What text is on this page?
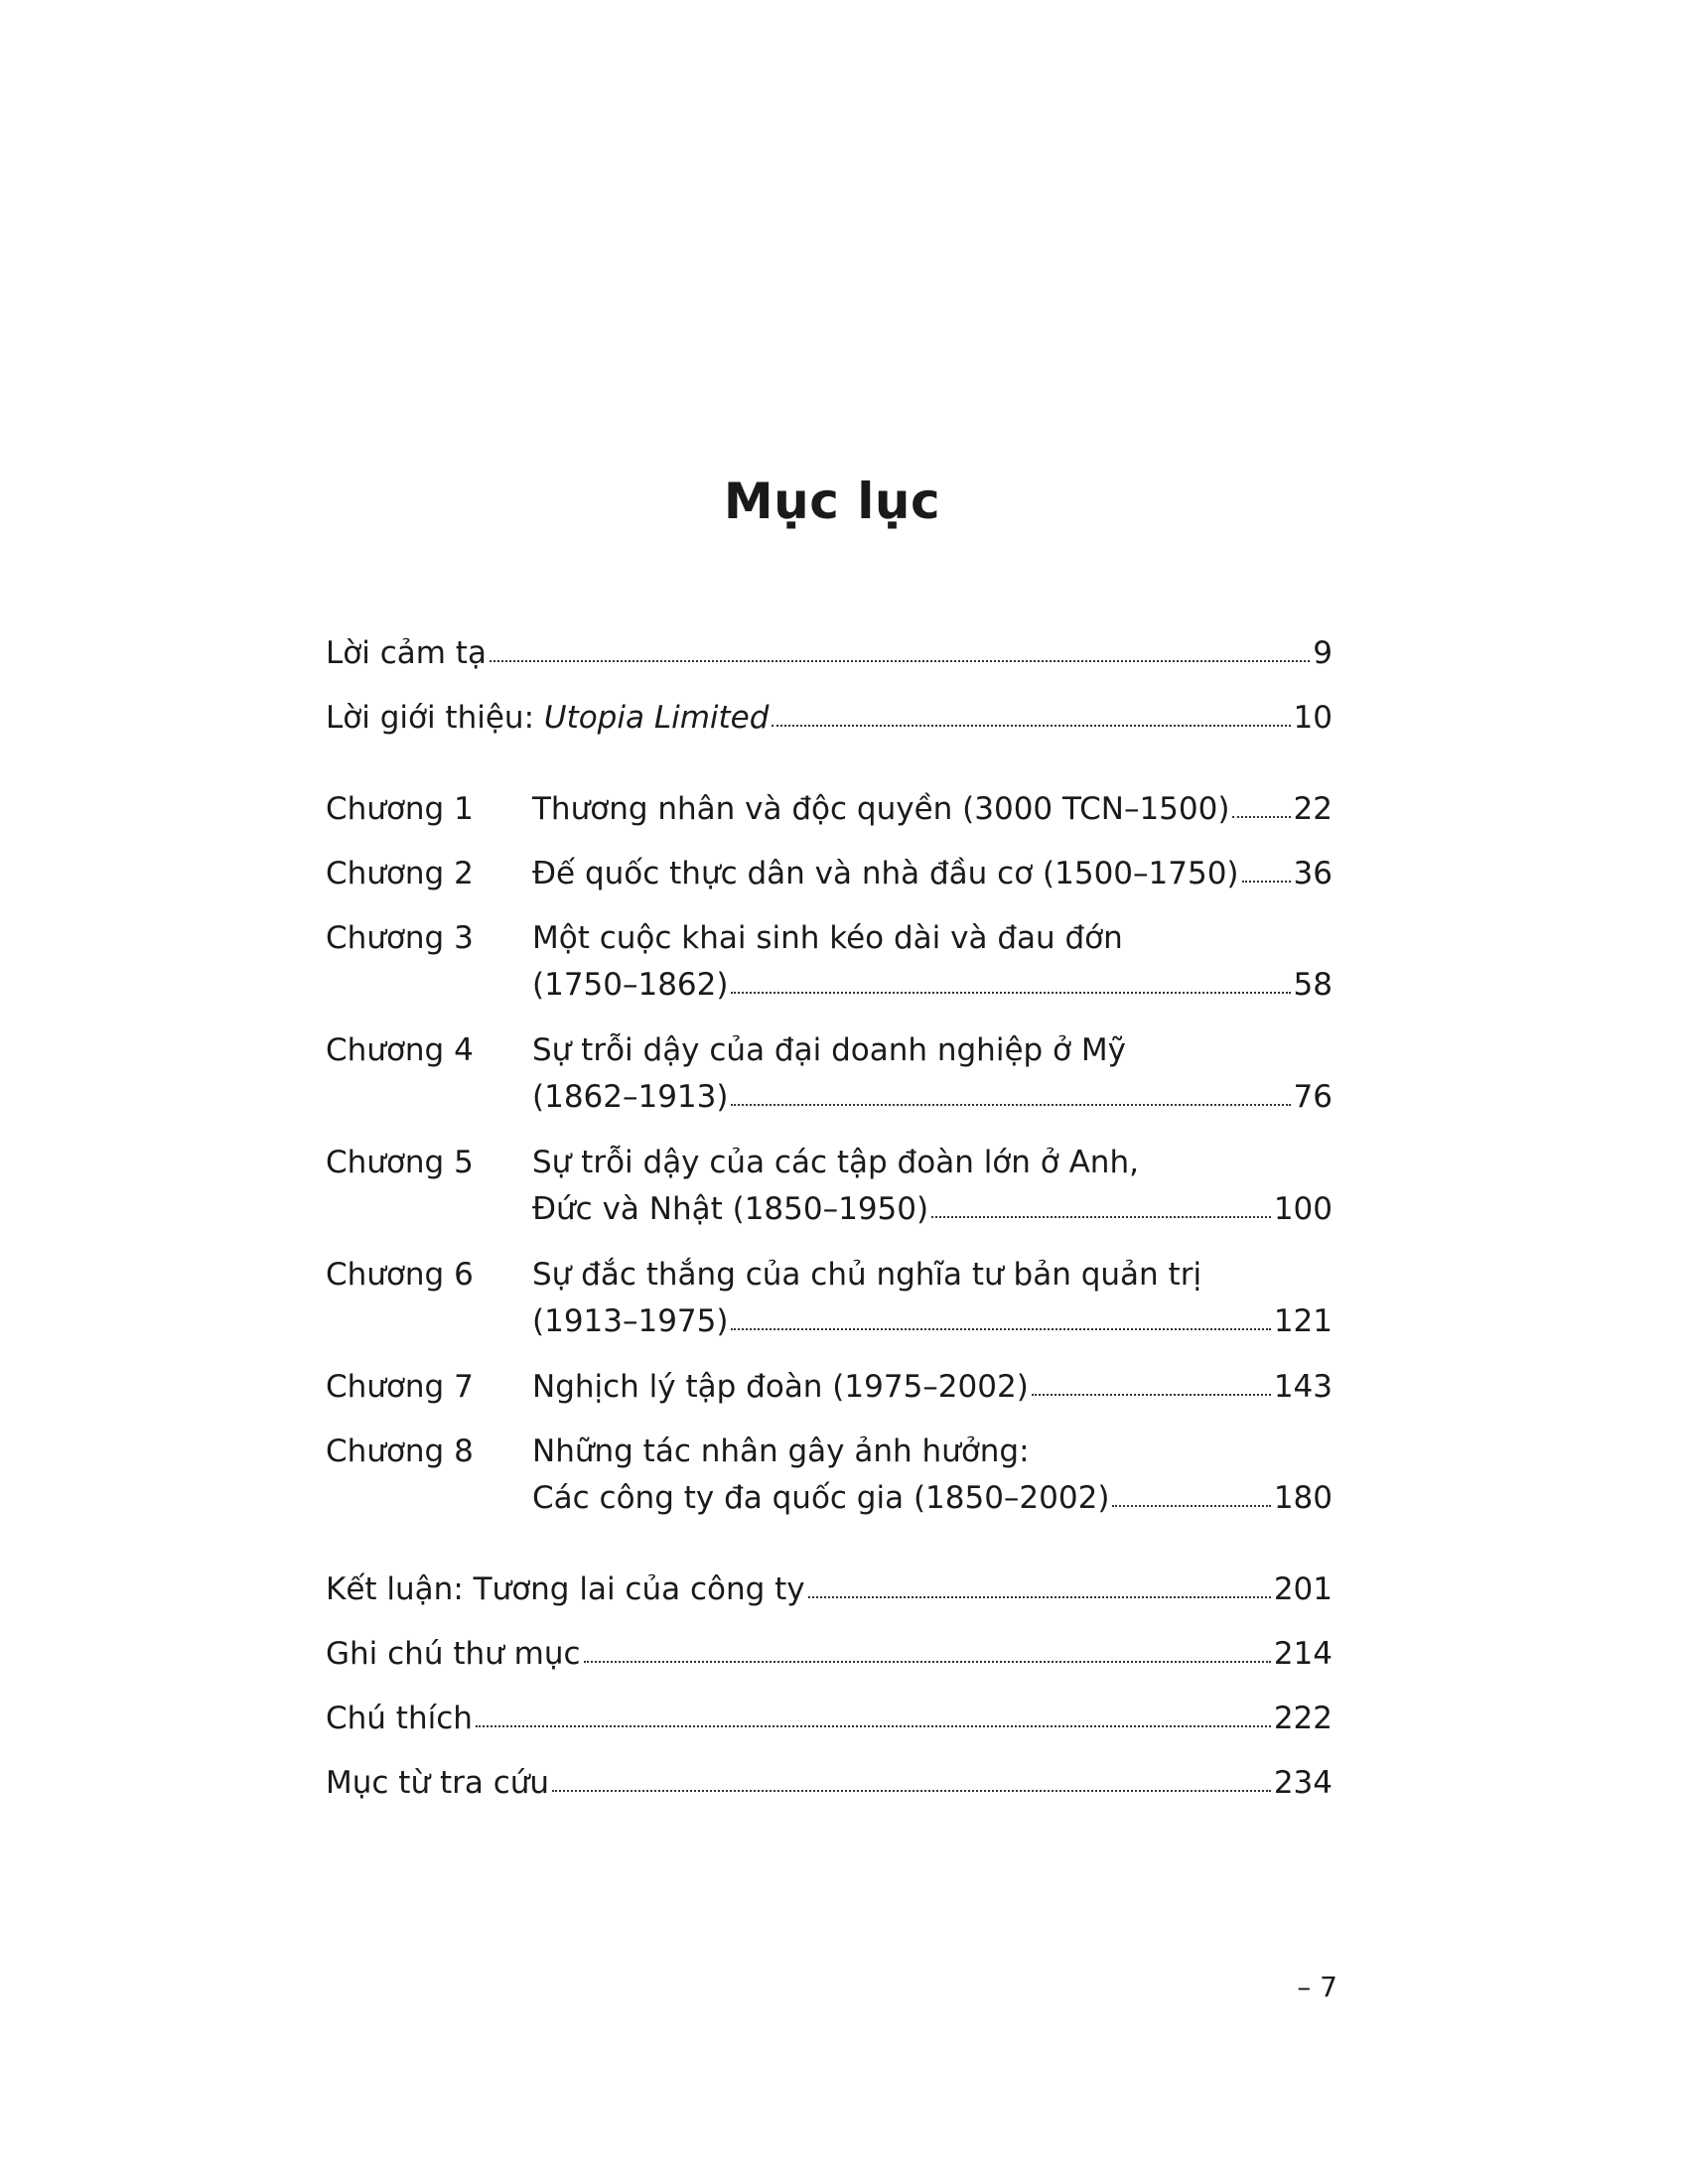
Mục lục
Lời cảm tạ	9
Lời giới thiệu: Utopia Limited	10
Chương 1 Thương nhân và độc quyền (3000 TCN–1500) 22
Chương 2 Đế quốc thực dân và nhà đầu cơ (1500–1750) 36
Chương 3 Một cuộc khai sinh kéo dài và đau đớn
(1750–1862)	58
Chương 4 Sự trỗi dậy của đại doanh nghiệp ở Mỹ
(1862–1913)	76
Chương 5 Sự trỗi dậy của các tập đoàn lớn ở Anh,
Đức và Nhật (1850–1950)	100
Chương 6 Sự đắc thắng của chủ nghĩa tư bản quản trị
(1913–1975)	121
Chương 7 Nghịch lý tập đoàn (1975–2002)	143
Chương 8 Những tác nhân gây ảnh hưởng:
Các công ty đa quốc gia (1850–2002)	180
Kết luận: Tương lai của công ty	201
Ghi chú thư mục	214
Chú thích	222
Mục từ tra cứu	234
– 7
